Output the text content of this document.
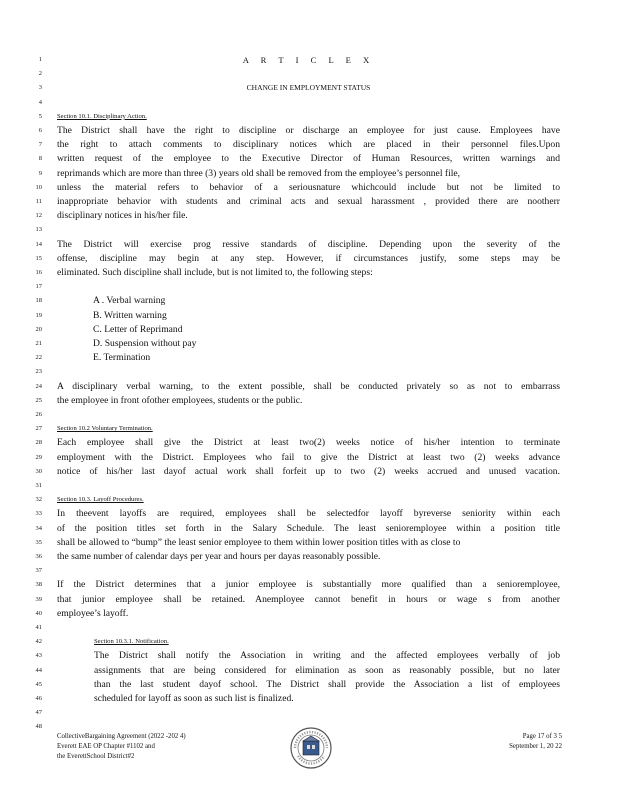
1	A R T I C L E X
2
3	CHANGE IN EMPLOYMENT STATUS
4
5 Section 10.1. Disciplinary Action.
6 The District shall have the right to discipline or discharge an employee for just cause. Employees have
7 the right to attach comments to disciplinary notices which are placed in their personnel files.Upon
8 written request of the employee to the Executive Director of Human Resources, written warnings and
9 reprimands which are more than three (3) years old shall be removed from the employee’s personnel file,
10 unless the material refers to behavior of a seriousnature whichcould include but not be limited to
11 inappropriate behavior with students and criminal acts and sexual harassment , provided there are nootherr
12 disciplinary notices in his/her file.
13
14 The District will exercise prog ressive standards of discipline. Depending upon the severity of the
15 offense, discipline may begin at any step. However, if circumstances justify, some steps may be
16 eliminated. Such discipline shall include, but is not limited to, the following steps:
17
18	A . Verbal warning
19	B. Written warning
20	C. Letter of Reprimand
21	D. Suspension without pay
22	E. Termination
23
24 A disciplinary verbal warning, to the extent possible, shall be conducted privately so as not to embarrass
25 the employee in front ofother employees, students or the public.
26
27 Section 10.2 Voluntary Termination.
28 Each employee shall give the District at least two(2) weeks notice of his/her intention to terminate
29 employment with the District. Employees who fail to give the District at least two (2) weeks advance
30 notice of his/her last dayof actual work shall forfeit up to two (2) weeks accrued and unused vacation.
31
32 Section 10.3. Layoff Procedures.
33 In theevent layoffs are required, employees shall be selectedfor layoff byreverse seniority within each
34 of the position titles set forth in the Salary Schedule. The least senioremployee within a position title
35 shall be allowed to “bump” the least senior employee to them within lower position titles with as close to
36 the same number of calendar days per year and hours per dayas reasonably possible.
37
38 If the District determines that a junior employee is substantially more qualified than a senioremployee,
39 that junior employee shall be retained. Anemployee cannot benefit in hours or wage s from another
40 employee’s layoff.
41
42	Section 10.3.1. Notification.
43	The District shall notify the Association in writing and the affected employees verbally of job
44	assignments that are being considered for elimination as soon as reasonably possible, but no later
45	than the last student dayof school. The District shall provide the Association a list of employees
46	scheduled for layoff as soon as such list is finalized.
47
48
CollectiveBargaining Agreement (2022 -202 4)
Everett EAE OP Chapter #1102 and
the EverettSchool District#2
Page 17 of 3 5
September 1, 20 22
